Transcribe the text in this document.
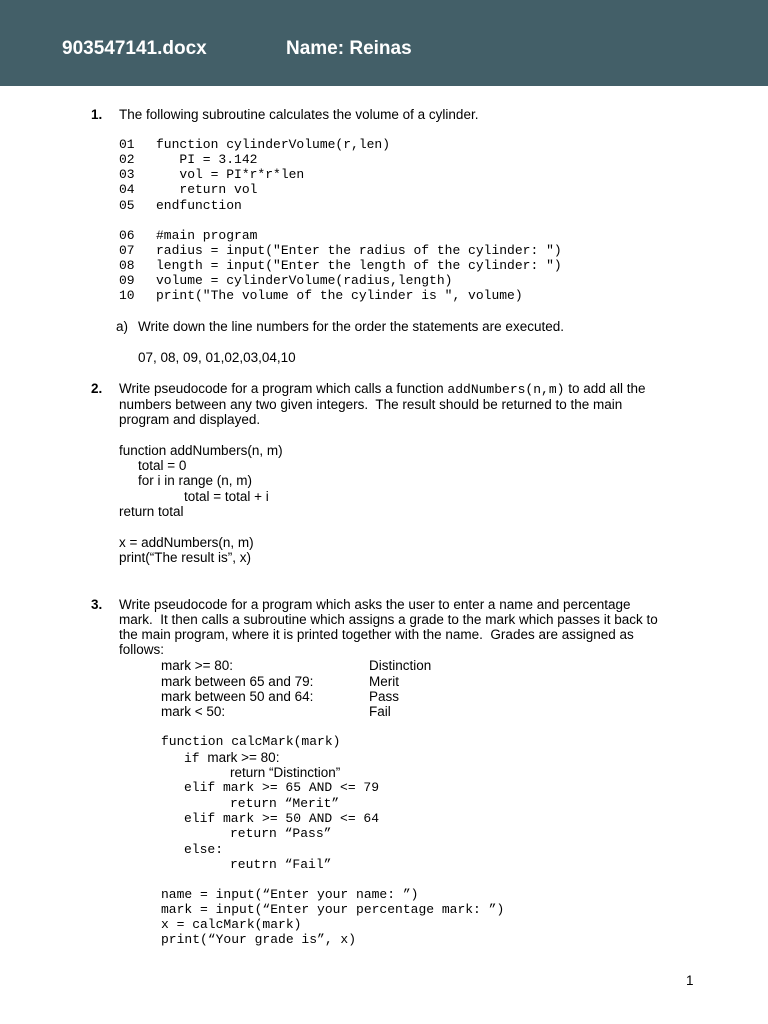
903547141.docx	Name: Reinas
1. The following subroutine calculates the volume of a cylinder.
01 function cylinderVolume(r,len)
02 PI = 3.142
03 vol = PI*r*r*len
04 return vol
05 endfunction
06 #main program
07 radius = input("Enter the radius of the cylinder: ")
08 length = input("Enter the length of the cylinder: ")
09 volume = cylinderVolume(radius,length)
10 print("The volume of the cylinder is ", volume)
a) Write down the line numbers for the order the statements are executed.
07, 08, 09, 01,02,03,04,10
2. Write pseudocode for a program which calls a function addNumbers(n,m) to add all the
numbers between any two given integers.  The result should be returned to the main
program and displayed.
function addNumbers(n, m)
total = 0
for i in range (n, m)
total = total + i
return total
x = addNumbers(n, m)
print(“The result is”, x)
3. Write pseudocode for a program which asks the user to enter a name and percentage
mark.  It then calls a subroutine which assigns a grade to the mark which passes it back to
the main program, where it is printed together with the name.  Grades are assigned as
follows:
mark >= 80:	Distinction
mark between 65 and 79:	Merit
mark between 50 and 64:	Pass
mark < 50:	Fail
function calcMark(mark)
if mark >= 80:
return “Distinction”
elif mark >= 65 AND <= 79
return “Merit”
elif mark >= 50 AND <= 64
return “Pass”
else:
reutrn “Fail”
name = input(“Enter your name: ”)
mark = input(“Enter your percentage mark: ”)
x = calcMark(mark)
print(“Your grade is”, x)
1
